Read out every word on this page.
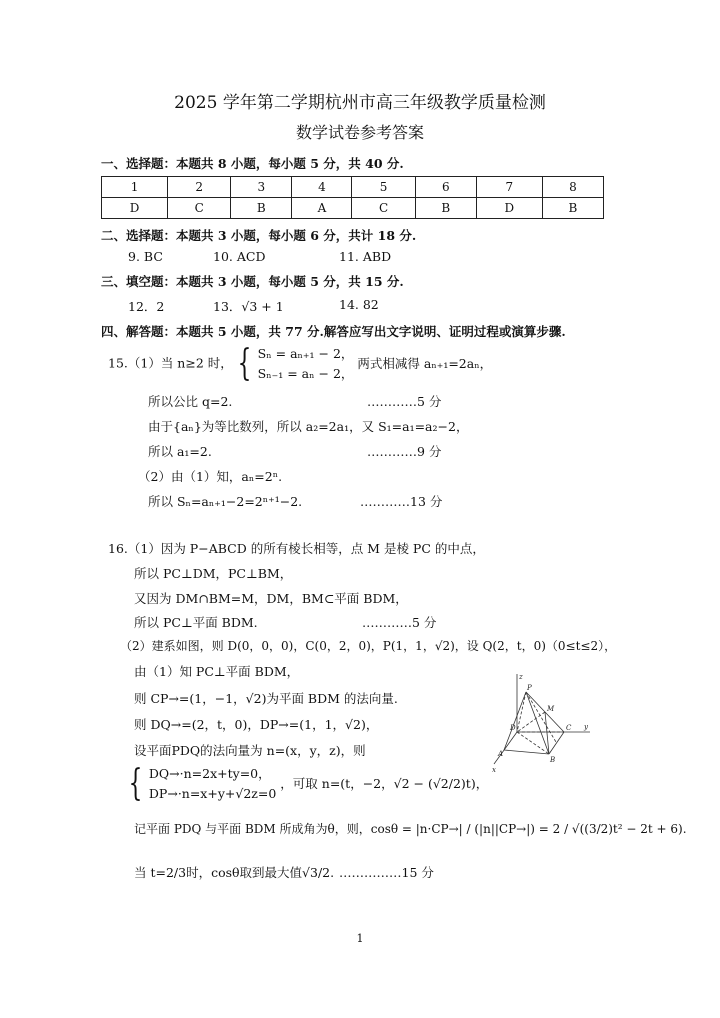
2025 学年第二学期杭州市高三年级教学质量检测
数学试卷参考答案
一、选择题：本题共 8 小题，每小题 5 分，共 40 分.
1	2	3	4	5	6	7	8
D	C	B	A	C	B	D	B
二、选择题：本题共 3 小题，每小题 6 分，共计 18 分.
9. BC	10. ACD	11. ABD
三、填空题：本题共 3 小题，每小题 5 分，共 15 分.
12．2	13．√3 + 1	14. 82
四、解答题：本题共 5 小题，共 77 分.解答应写出文字说明、证明过程或演算步骤.
15.（1）当 n≥2 时， { Sₙ = aₙ₊₁ − 2，
Sₙ₋₁ = aₙ − 2，
两式相减得 aₙ₊₁=2aₙ，
所以公比 q=2.	…………5 分
由于{aₙ}为等比数列，所以 a₂=2a₁，又 S₁=a₁=a₂−2，
所以 a₁=2.	…………9 分
（2）由（1）知，aₙ=2ⁿ.
所以 Sₙ=aₙ₊₁−2=2ⁿ⁺¹−2.	…………13 分
16.（1）因为 P−ABCD 的所有棱长相等，点 M 是棱 PC 的中点，
所以 PC⊥DM，PC⊥BM，
又因为 DM∩BM=M，DM，BM⊂平面 BDM，
所以 PC⊥平面 BDM.	…………5 分
（2）建系如图，则 D(0，0，0)，C(0，2，0)，P(1，1，√2)，设 Q(2，t，0)（0≤t≤2），
由（1）知 PC⊥平面 BDM，
则 CP→=(1，−1，√2)为平面 BDM 的法向量.
则 DQ→=(2，t，0)，DP→=(1，1，√2)，
设平面PDQ的法向量为 n=(x，y，z)，则
{ DQ→·n=2x+ty=0，
DP→·n=x+y+√2z=0
，可取 n=(t，−2，√2 − (√2/2)t)，
记平面 PDQ 与平面 BDM 所成角为θ，则，cosθ = |n·CP→| / (|n||CP→|) = 2 / √((3/2)t² − 2t + 6).
当 t=2/3时，cosθ取到最大值√3/2. ……………15 分
z
P
M
D	C y
A
B
x
1
